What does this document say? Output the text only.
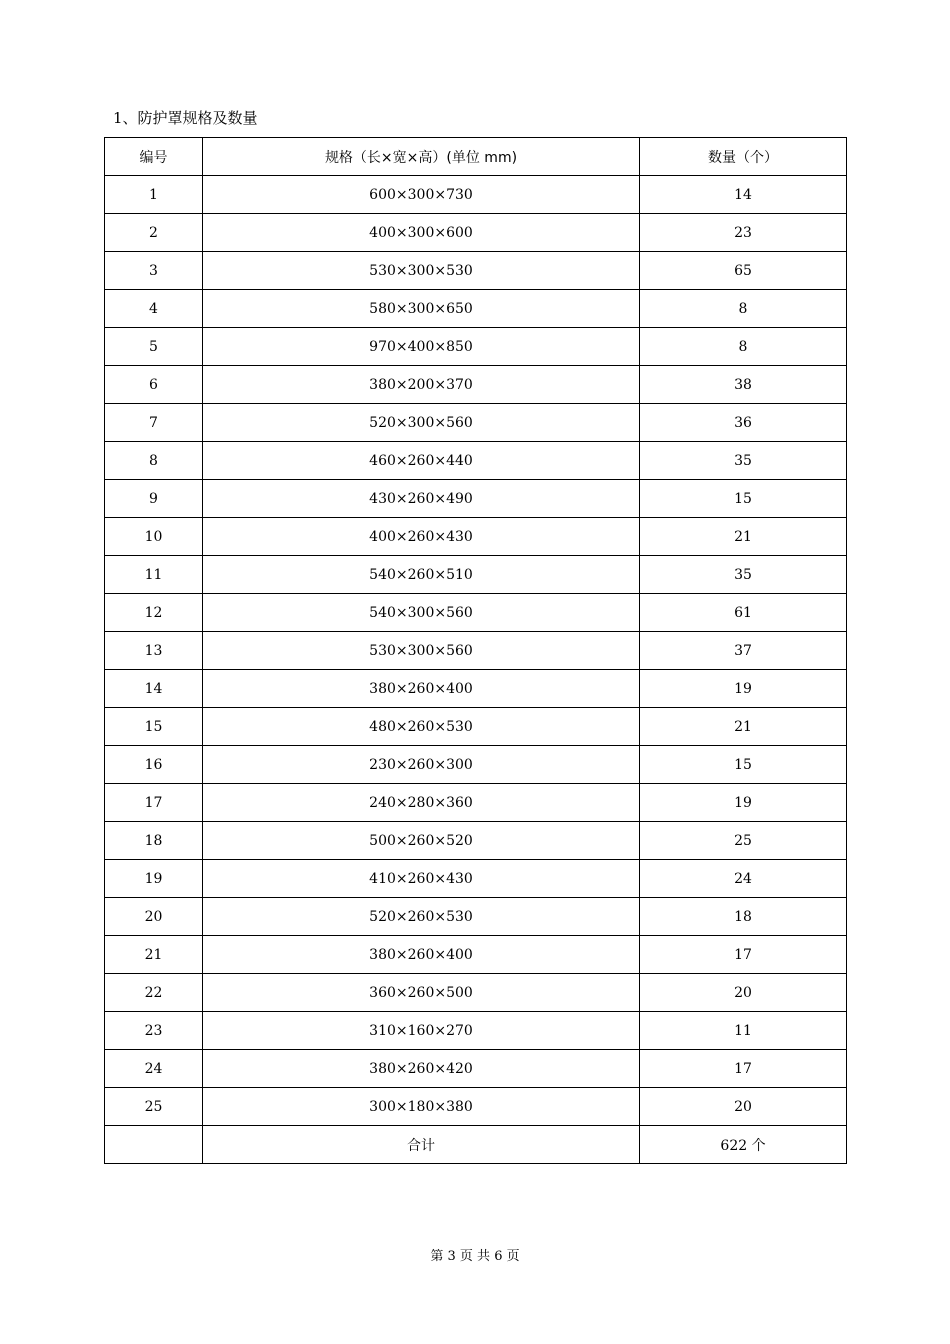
1、防护罩规格及数量
编号	规格（长×宽×高）(单位 mm)	数量（个）
1	600×300×730	14
2	400×300×600	23
3	530×300×530	65
4	580×300×650	8
5	970×400×850	8
6	380×200×370	38
7	520×300×560	36
8	460×260×440	35
9	430×260×490	15
10	400×260×430	21
11	540×260×510	35
12	540×300×560	61
13	530×300×560	37
14	380×260×400	19
15	480×260×530	21
16	230×260×300	15
17	240×280×360	19
18	500×260×520	25
19	410×260×430	24
20	520×260×530	18
21	380×260×400	17
22	360×260×500	20
23	310×160×270	11
24	380×260×420	17
25	300×180×380	20
	合计	622 个
第 3 页 共 6 页
